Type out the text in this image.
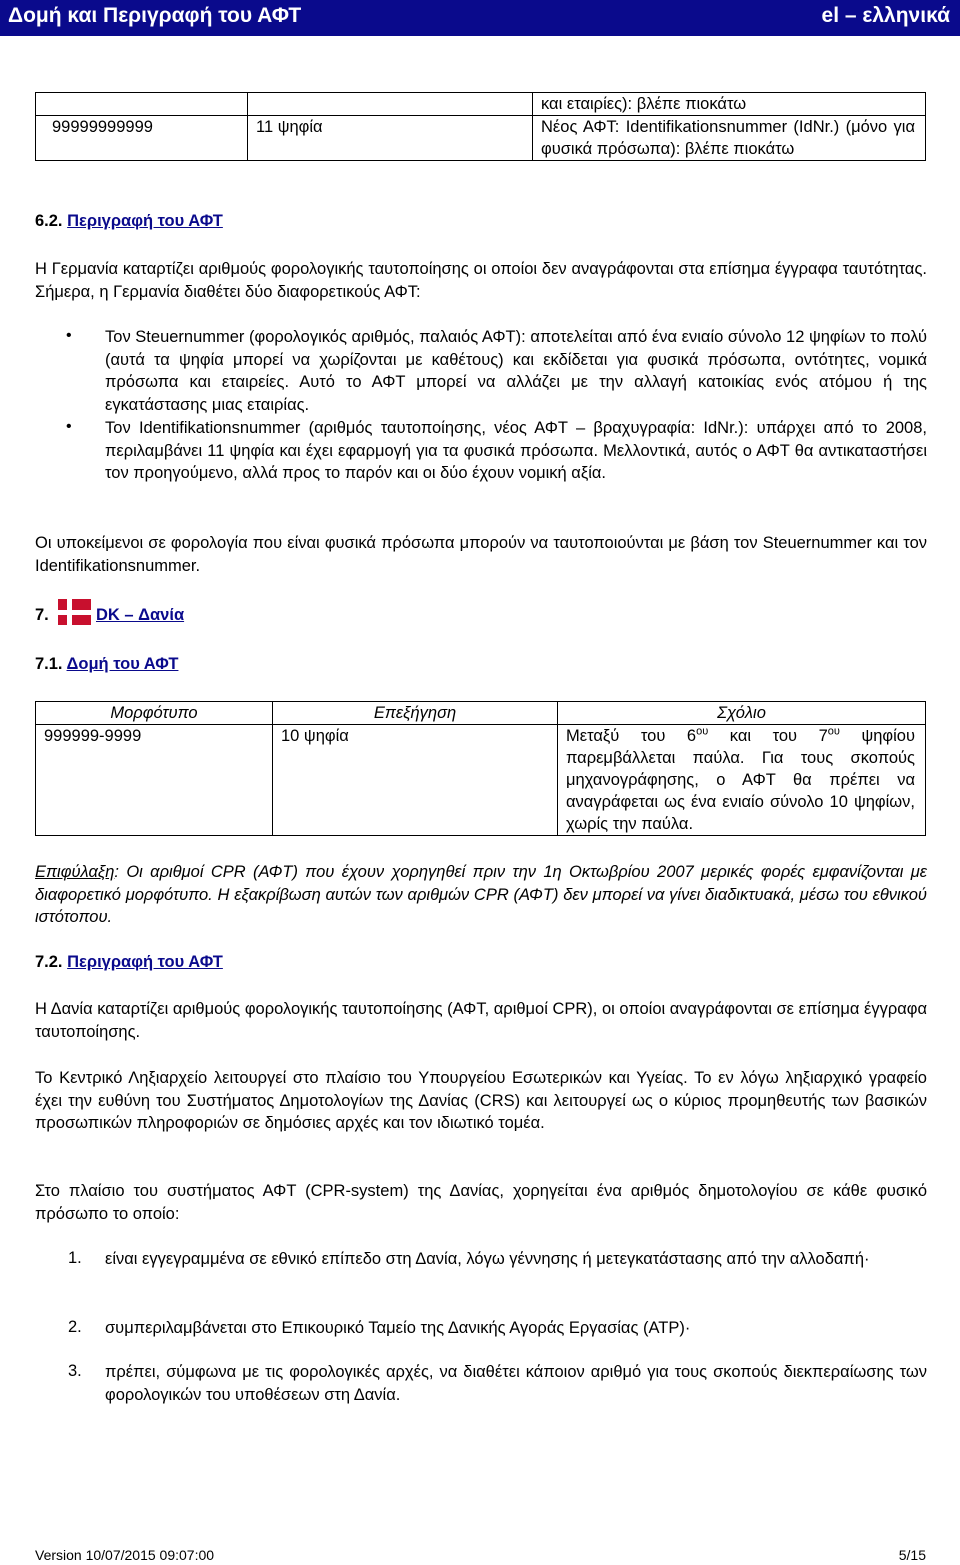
Δομή και Περιγραφή του ΑΦΤ	el – ελληνικά
		και εταιρίες): βλέπε πιοκάτω
99999999999	11 ψηφία	Νέος ΑΦΤ: Identifikationsnummer (IdNr.) (μόνο για φυσικά πρόσωπα): βλέπε πιοκάτω
6.2. Περιγραφή του ΑΦΤ
Η Γερμανία καταρτίζει αριθμούς φορολογικής ταυτοποίησης οι οποίοι δεν αναγράφονται στα επίσημα έγγραφα ταυτότητας. Σήμερα, η Γερμανία διαθέτει δύο διαφορετικούς ΑΦΤ:
• Τον Steuernummer (φορολογικός αριθμός, παλαιός ΑΦΤ): αποτελείται από ένα ενιαίο σύνολο 12 ψηφίων το πολύ (αυτά τα ψηφία μπορεί να χωρίζονται με καθέτους) και εκδίδεται για φυσικά πρόσωπα, οντότητες, νομικά πρόσωπα και εταιρείες. Αυτό το ΑΦΤ μπορεί να αλλάζει με την αλλαγή κατοικίας ενός ατόμου ή της εγκατάστασης μιας εταιρίας.
• Τον Identifikationsnummer (αριθμός ταυτοποίησης, νέος ΑΦΤ – βραχυγραφία: IdNr.): υπάρχει από το 2008, περιλαμβάνει 11 ψηφία και έχει εφαρμογή για τα φυσικά πρόσωπα. Μελλοντικά, αυτός ο ΑΦΤ θα αντικαταστήσει τον προηγούμενο, αλλά προς το παρόν και οι δύο έχουν νομική αξία.
Οι υποκείμενοι σε φορολογία που είναι φυσικά πρόσωπα μπορούν να ταυτοποιούνται με βάση τον Steuernummer και τον Identifikationsnummer.
7.	DK – Δανία
7.1. Δομή του ΑΦΤ
Μορφότυπο	Επεξήγηση	Σχόλιο
999999-9999	10 ψηφία	Μεταξύ του $6^{o\upsilon}$ και του $7^{o\upsilon}$ ψηφίου παρεμβάλλεται παύλα. Για τους σκοπούς μηχανογράφησης, ο ΑΦΤ θα πρέπει να αναγράφεται ως ένα ενιαίο σύνολο 10 ψηφίων, χωρίς την παύλα.
Επιφύλαξη: Οι αριθμοί CPR (ΑΦΤ) που έχουν χορηγηθεί πριν την 1η Οκτωβρίου 2007 μερικές φορές εμφανίζονται με διαφορετικό μορφότυπο. Η εξακρίβωση αυτών των αριθμών CPR (ΑΦΤ) δεν μπορεί να γίνει διαδικτυακά, μέσω του εθνικού ιστότοπου.
7.2. Περιγραφή του ΑΦΤ
Η Δανία καταρτίζει αριθμούς φορολογικής ταυτοποίησης (ΑΦΤ, αριθμοί CPR), οι οποίοι αναγράφονται σε επίσημα έγγραφα ταυτοποίησης.
Το Κεντρικό Ληξιαρχείο λειτουργεί στο πλαίσιο του Υπουργείου Εσωτερικών και Υγείας. Το εν λόγω ληξιαρχικό γραφείο έχει την ευθύνη του Συστήματος Δημοτολογίων της Δανίας (CRS) και λειτουργεί ως ο κύριος προμηθευτής των βασικών προσωπικών πληροφοριών σε δημόσιες αρχές και τον ιδιωτικό τομέα.
Στο πλαίσιο του συστήματος ΑΦΤ (CPR-system) της Δανίας, χορηγείται ένα αριθμός δημοτολογίου σε κάθε φυσικό πρόσωπο το οποίο:
1. είναι εγγεγραμμένα σε εθνικό επίπεδο στη Δανία, λόγω γέννησης ή μετεγκατάστασης από την αλλοδαπή·
2. συμπεριλαμβάνεται στο Επικουρικό Ταμείο της Δανικής Αγοράς Εργασίας (ATP)·
3. πρέπει, σύμφωνα με τις φορολογικές αρχές, να διαθέτει κάποιον αριθμό για τους σκοπούς διεκπεραίωσης των φορολογικών του υποθέσεων στη Δανία.
Version 10/07/2015 09:07:00	5/15
